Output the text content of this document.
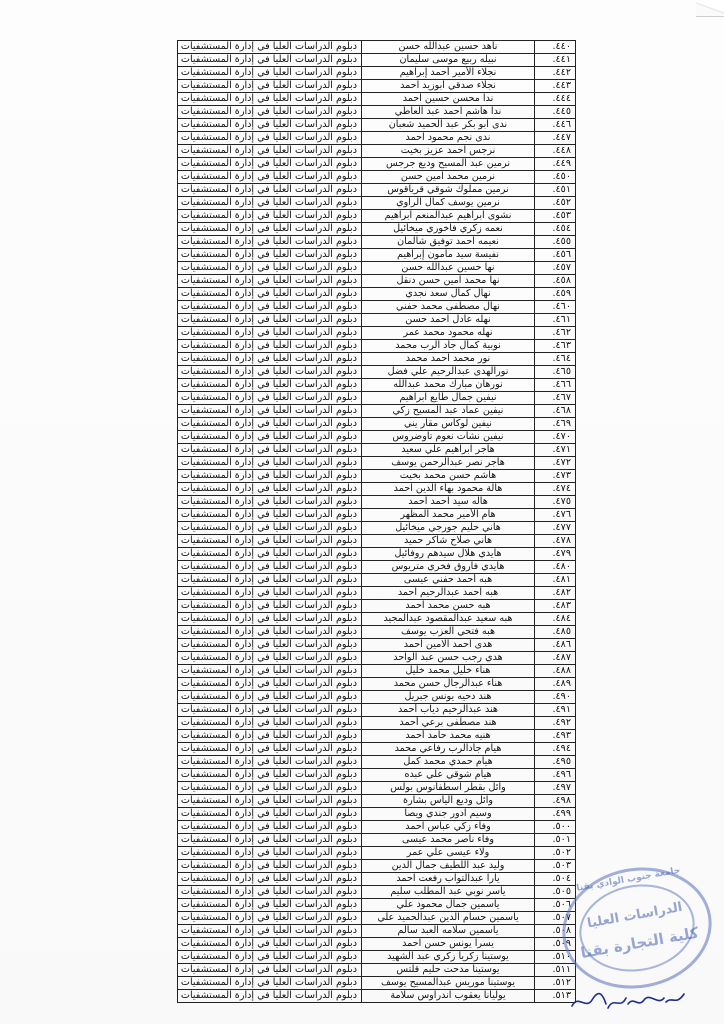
٤٤٠.	ناهد حسين عبدالله حسن	دبلوم الدراسات العليا في إدارة المستشفيات
٤٤١.	نبيله ربيع موسى سليمان	دبلوم الدراسات العليا في إدارة المستشفيات
٤٤٢.	نجلاء الأمير أحمد إبراهيم	دبلوم الدراسات العليا في إدارة المستشفيات
٤٤٣.	نجلاء صدقي ابوزيد احمد	دبلوم الدراسات العليا في إدارة المستشفيات
٤٤٤.	ندا محسن حسين احمد	دبلوم الدراسات العليا في إدارة المستشفيات
٤٤٥.	ندا هاشم احمد عبد العاطي	دبلوم الدراسات العليا في إدارة المستشفيات
٤٤٦.	ندى ابو بكر عبد الحميد شعبان	دبلوم الدراسات العليا في إدارة المستشفيات
٤٤٧.	ندى نجم محمود احمد	دبلوم الدراسات العليا في إدارة المستشفيات
٤٤٨.	نرجس احمد عزيز بخيت	دبلوم الدراسات العليا في إدارة المستشفيات
٤٤٩.	نرمين عبد المسيح وديع جرجس	دبلوم الدراسات العليا في إدارة المستشفيات
٤٥٠.	نرمين محمد امين حسن	دبلوم الدراسات العليا في إدارة المستشفيات
٤٥١.	نرمين مملوك شوقي قرياقوس	دبلوم الدراسات العليا في إدارة المستشفيات
٤٥٢.	نرمين يوسف كمال الراوي	دبلوم الدراسات العليا في إدارة المستشفيات
٤٥٣.	نشوى ابراهيم عبدالمنعم ابراهيم	دبلوم الدراسات العليا في إدارة المستشفيات
٤٥٤.	نعمه زكري فاخوري ميخائيل	دبلوم الدراسات العليا في إدارة المستشفيات
٤٥٥.	نعيمه احمد توفيق شالمان	دبلوم الدراسات العليا في إدارة المستشفيات
٤٥٦.	نفيسة سيد مأمون إبراهيم	دبلوم الدراسات العليا في إدارة المستشفيات
٤٥٧.	نها حسين عبدالله حسن	دبلوم الدراسات العليا في إدارة المستشفيات
٤٥٨.	نها محمد امين حسن دنقل	دبلوم الدراسات العليا في إدارة المستشفيات
٤٥٩.	نهال كمال سعد نجدي	دبلوم الدراسات العليا في إدارة المستشفيات
٤٦٠.	نهال مصطفى محمد حفني	دبلوم الدراسات العليا في إدارة المستشفيات
٤٦١.	نهله عادل احمد حسن	دبلوم الدراسات العليا في إدارة المستشفيات
٤٦٢.	نهله محمود محمد عمر	دبلوم الدراسات العليا في إدارة المستشفيات
٤٦٣.	نوبية كمال جاد الرب محمد	دبلوم الدراسات العليا في إدارة المستشفيات
٤٦٤.	نور محمد احمد محمد	دبلوم الدراسات العليا في إدارة المستشفيات
٤٦٥.	نورالهدى عبدالرحيم علي فضل	دبلوم الدراسات العليا في إدارة المستشفيات
٤٦٦.	نورهان مبارك محمد عبدالله	دبلوم الدراسات العليا في إدارة المستشفيات
٤٦٧.	نيفين جمال طايع ابراهيم	دبلوم الدراسات العليا في إدارة المستشفيات
٤٦٨.	نيفين عماد عبد المسيح زكي	دبلوم الدراسات العليا في إدارة المستشفيات
٤٦٩.	نيفين لوكاس مقار يني	دبلوم الدراسات العليا في إدارة المستشفيات
٤٧٠.	نيفين نشأت نعوم تاوضروس	دبلوم الدراسات العليا في إدارة المستشفيات
٤٧١.	هاجر ابراهيم علي سعيد	دبلوم الدراسات العليا في إدارة المستشفيات
٤٧٢.	هاجر نصر عبدالرحمن يوسف	دبلوم الدراسات العليا في إدارة المستشفيات
٤٧٣.	هاشم حسن محمد بخيت	دبلوم الدراسات العليا في إدارة المستشفيات
٤٧٤.	هالة محمود بهاء الدين احمد	دبلوم الدراسات العليا في إدارة المستشفيات
٤٧٥.	هاله سيد احمد احمد	دبلوم الدراسات العليا في إدارة المستشفيات
٤٧٦.	هام الأمير محمد المظهر	دبلوم الدراسات العليا في إدارة المستشفيات
٤٧٧.	هاني حليم جورجي ميخائيل	دبلوم الدراسات العليا في إدارة المستشفيات
٤٧٨.	هاني صلاح شاكر حميد	دبلوم الدراسات العليا في إدارة المستشفيات
٤٧٩.	هايدي هلال سيدهم روفائيل	دبلوم الدراسات العليا في إدارة المستشفيات
٤٨٠.	هايدي فاروق فخري متريوس	دبلوم الدراسات العليا في إدارة المستشفيات
٤٨١.	هبه أحمد حفني عيسى	دبلوم الدراسات العليا في إدارة المستشفيات
٤٨٢.	هبه احمد عبدالرحيم احمد	دبلوم الدراسات العليا في إدارة المستشفيات
٤٨٣.	هبه حسن محمد احمد	دبلوم الدراسات العليا في إدارة المستشفيات
٤٨٤.	هبه سعيد عبدالمقصود عبدالمجيد	دبلوم الدراسات العليا في إدارة المستشفيات
٤٨٥.	هبه فتحي العزب يوسف	دبلوم الدراسات العليا في إدارة المستشفيات
٤٨٦.	هدى احمد الامين احمد	دبلوم الدراسات العليا في إدارة المستشفيات
٤٨٧.	هدي رجب حسن عبد الواحد	دبلوم الدراسات العليا في إدارة المستشفيات
٤٨٨.	هناء خليل محمد خليل	دبلوم الدراسات العليا في إدارة المستشفيات
٤٨٩.	هناء عبدالرجال حسن محمد	دبلوم الدراسات العليا في إدارة المستشفيات
٤٩٠.	هند دحيه يونس جبريل	دبلوم الدراسات العليا في إدارة المستشفيات
٤٩١.	هند عبدالرحيم دياب أحمد	دبلوم الدراسات العليا في إدارة المستشفيات
٤٩٢.	هند مصطفى برعي أحمد	دبلوم الدراسات العليا في إدارة المستشفيات
٤٩٣.	هنيه محمد حامد أحمد	دبلوم الدراسات العليا في إدارة المستشفيات
٤٩٤.	هيام جادالرب رفاعي محمد	دبلوم الدراسات العليا في إدارة المستشفيات
٤٩٥.	هيام حمدي محمد كمل	دبلوم الدراسات العليا في إدارة المستشفيات
٤٩٦.	هيام شوقي علي عبده	دبلوم الدراسات العليا في إدارة المستشفيات
٤٩٧.	وائل بقطر اسطفانوس بولس	دبلوم الدراسات العليا في إدارة المستشفيات
٤٩٨.	وائل وديع الياس بشارة	دبلوم الدراسات العليا في إدارة المستشفيات
٤٩٩.	وسيم ادور جندي ويصا	دبلوم الدراسات العليا في إدارة المستشفيات
٥٠٠.	وفاء زكي عباس احمد	دبلوم الدراسات العليا في إدارة المستشفيات
٥٠١.	وفاء ناصر محمد عيسى	دبلوم الدراسات العليا في إدارة المستشفيات
٥٠٢.	ولاء عيسى علي عمر	دبلوم الدراسات العليا في إدارة المستشفيات
٥٠٣.	وليد عبد اللطيف جمال الدين	دبلوم الدراسات العليا في إدارة المستشفيات
٥٠٤.	يارا عبدالتواب رفعت احمد	دبلوم الدراسات العليا في إدارة المستشفيات
٥٠٥.	ياسر نوبي عبد المطلب سليم	دبلوم الدراسات العليا في إدارة المستشفيات
٥٠٦.	ياسمين جمال محمود علي	دبلوم الدراسات العليا في إدارة المستشفيات
٥٠٧.	ياسمين حسام الدين عبدالحميد علي	دبلوم الدراسات العليا في إدارة المستشفيات
٥٠٨.	ياسمين سلامه العبد سالم	دبلوم الدراسات العليا في إدارة المستشفيات
٥٠٩.	يسرا يونس حسن احمد	دبلوم الدراسات العليا في إدارة المستشفيات
٥١٠.	يوستينا زكريا زكري عبد الشهيد	دبلوم الدراسات العليا في إدارة المستشفيات
٥١١.	يوستينا مدحت حليم قلتس	دبلوم الدراسات العليا في إدارة المستشفيات
٥١٢.	يوستينا موريس عبدالمسيح يوسف	دبلوم الدراسات العليا في إدارة المستشفيات
٥١٣.	يوليانا يعقوب اندراوس سلامة	دبلوم الدراسات العليا في إدارة المستشفيات
جامعة جنوب الوادي بقنا
الدراسات العليا
كلية التجارة بقنا
